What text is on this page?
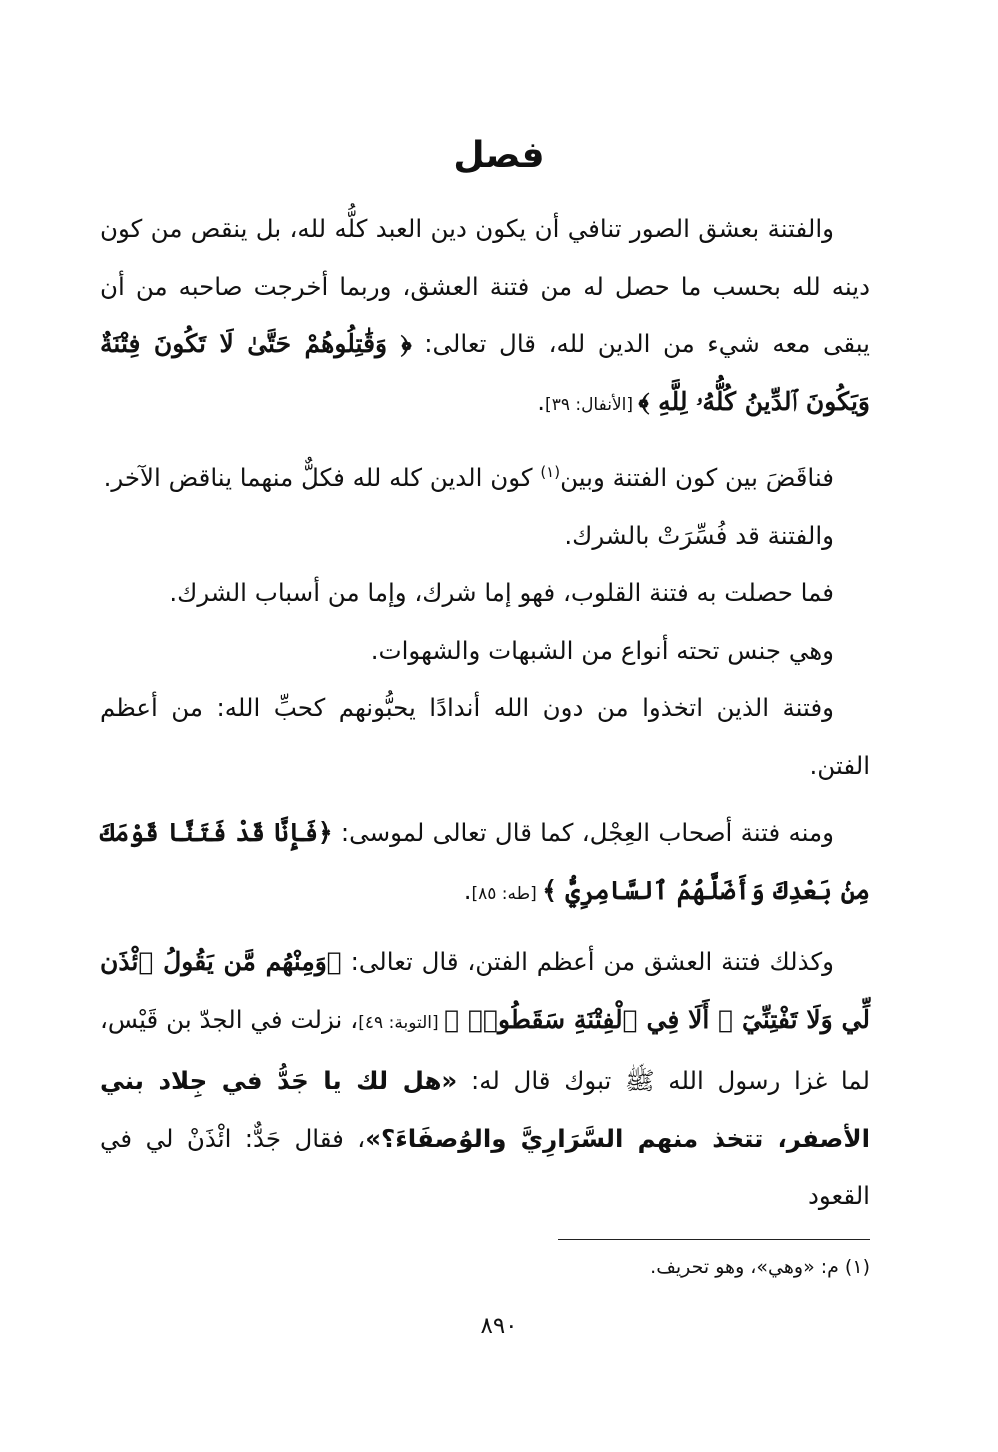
فصل

والفتنة بعشق الصور تنافي أن يكون دين العبد كلُّه لله، بل ينقص من كون دينه لله بحسب ما حصل له من فتنة العشق، وربما أخرجت صاحبه من أن يبقى معه شيء من الدين لله، قال تعالى: ﴿ وَقَٰتِلُوهُمْ حَتَّىٰ لَا تَكُونَ فِتْنَةٌ وَيَكُونَ ٱلدِّينُ كُلُّهُۥ لِلَّهِ ﴾ [الأنفال: ٣٩].

فناقَضَ بين كون الفتنة وبين$^{(١)}$ كون الدين كله لله فكلٌّ منهما يناقض الآخر.

والفتنة قد فُسِّرَتْ بالشرك.

فما حصلت به فتنة القلوب، فهو إما شرك، وإما من أسباب الشرك.

وهي جنس تحته أنواع من الشبهات والشهوات.

وفتنة الذين اتخذوا من دون الله أندادًا يحبُّونهم كحبِّ الله: من أعظم الفتن.

ومنه فتنة أصحاب العِجْل، كما قال تعالى لموسى: ﴿فَإِنَّا قَدْ فَتَنَّا قَوْمَكَ مِنۢ بَعْدِكَ وَأَضَلَّهُمُ ٱلسَّامِرِيُّ ﴾ [طه: ٨٥].

وكذلك فتنة العشق من أعظم الفتن، قال تعالى: ﴿وَمِنْهُم مَّن يَقُولُ ٱئْذَن لِّي وَلَا تَفْتِنِّيٓ ۚ أَلَا فِي ٱلْفِتْنَةِ سَقَطُوا۟ ﴾ [التوبة: ٤٩]، نزلت في الجدّ بن قَيْس، لما غزا رسول الله ﷺ تبوك قال له: «هل لك يا جَدُّ في جِلاد بني الأصفر، تتخذ منهم السَّرَارِيَّ والوُصفَاءَ؟»، فقال جَدٌّ: ائْذَنْ لي في القعود

(١) م: «وهي»، وهو تحريف.
٨٩٠
